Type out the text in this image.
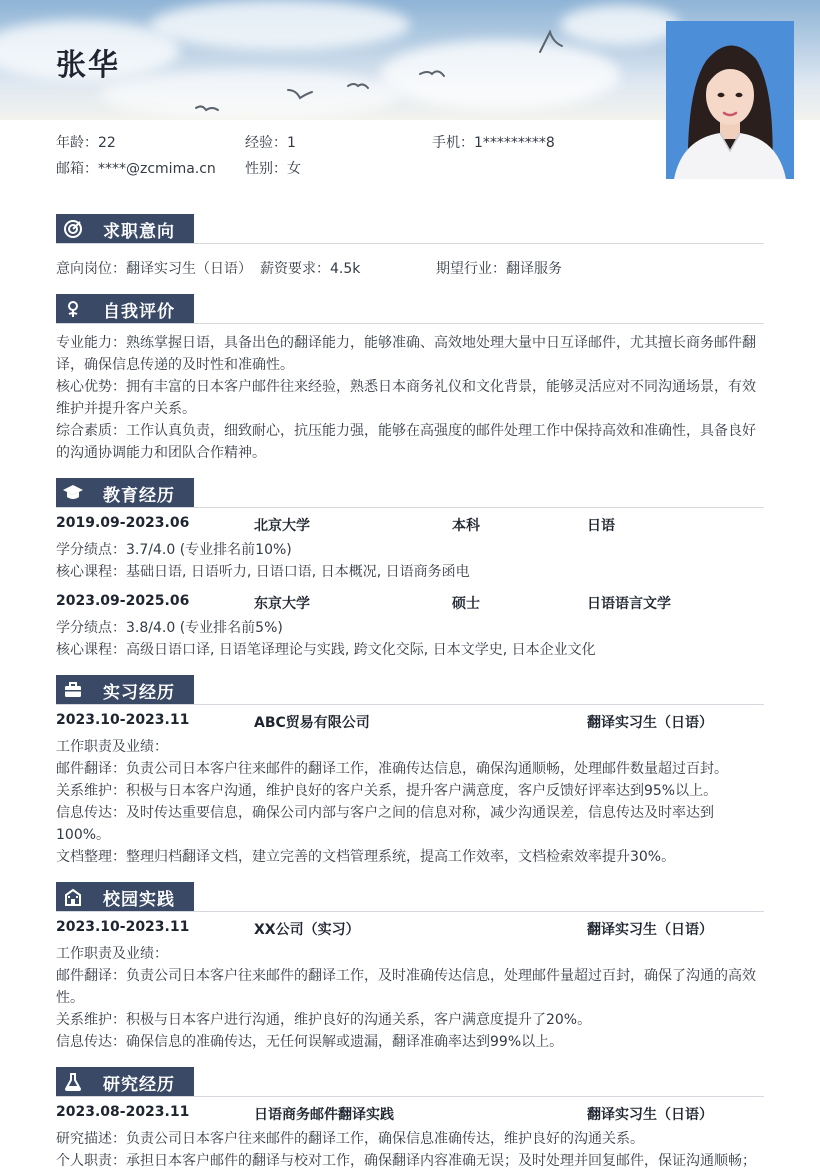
张华
年龄：22	经验：1	手机：1*********8
邮箱：****@zcmima.cn 性别：女
求职意向
意向岗位：翻译实习生（日语） 薪资要求：4.5k	期望行业：翻译服务
自我评价
专业能力：熟练掌握日语，具备出色的翻译能力，能够准确、高效地处理大量中日互译邮件，尤其擅长商务邮件翻译，确保信息传递的及时性和准确性。
核心优势：拥有丰富的日本客户邮件往来经验，熟悉日本商务礼仪和文化背景，能够灵活应对不同沟通场景，有效维护并提升客户关系。
综合素质：工作认真负责，细致耐心，抗压能力强，能够在高强度的邮件处理工作中保持高效和准确性，具备良好的沟通协调能力和团队合作精神。
教育经历
2019.09-2023.06	北京大学	本科	日语
学分绩点：3.7/4.0 (专业排名前10%)
核心课程：基础日语, 日语听力, 日语口语, 日本概况, 日语商务函电
2023.09-2025.06	东京大学	硕士	日语语言文学
学分绩点：3.8/4.0 (专业排名前5%)
核心课程：高级日语口译, 日语笔译理论与实践, 跨文化交际, 日本文学史, 日本企业文化
实习经历
2023.10-2023.11	ABC贸易有限公司	翻译实习生（日语）
工作职责及业绩：
邮件翻译：负责公司日本客户往来邮件的翻译工作，准确传达信息，确保沟通顺畅，处理邮件数量超过百封。
关系维护：积极与日本客户沟通，维护良好的客户关系，提升客户满意度，客户反馈好评率达到95%以上。
信息传达：及时传达重要信息，确保公司内部与客户之间的信息对称，减少沟通误差，信息传达及时率达到100%。
文档整理：整理归档翻译文档，建立完善的文档管理系统，提高工作效率，文档检索效率提升30%。
校园实践
2023.10-2023.11	XX公司（实习）	翻译实习生（日语）
工作职责及业绩：
邮件翻译：负责公司日本客户往来邮件的翻译工作，及时准确传达信息，处理邮件量超过百封，确保了沟通的高效性。
关系维护：积极与日本客户进行沟通，维护良好的沟通关系，客户满意度提升了20%。
信息传达：确保信息的准确传达，无任何误解或遗漏，翻译准确率达到99%以上。
研究经历
2023.08-2023.11	日语商务邮件翻译实践	翻译实习生（日语）
研究描述：负责公司日本客户往来邮件的翻译工作，确保信息准确传达，维护良好的沟通关系。
个人职责：承担日本客户邮件的翻译与校对工作，确保翻译内容准确无误；及时处理并回复邮件，保证沟通顺畅；
